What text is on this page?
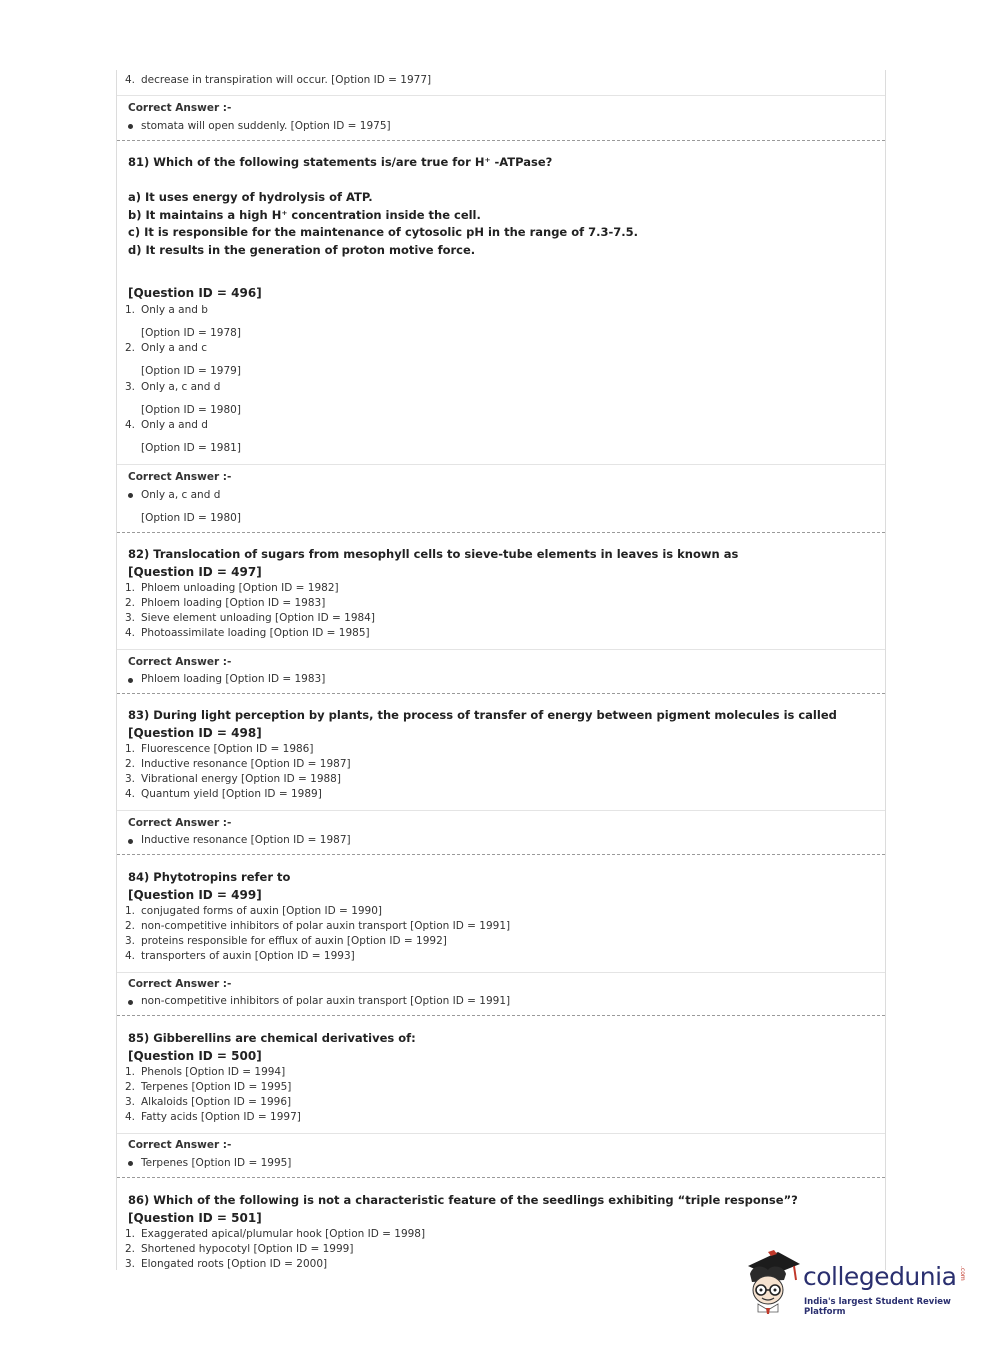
4. decrease in transpiration will occur. [Option ID = 1977]
Correct Answer :-
stomata will open suddenly. [Option ID = 1975]
81) Which of the following statements is/are true for H⁺ -ATPase?
a) It uses energy of hydrolysis of ATP.
b) It maintains a high H⁺ concentration inside the cell.
c) It is responsible for the maintenance of cytosolic pH in the range of 7.3-7.5.
d) It results in the generation of proton motive force.
[Question ID = 496]
1. Only a and b
[Option ID = 1978]
2. Only a and c
[Option ID = 1979]
3. Only a, c and d
[Option ID = 1980]
4. Only a and d
[Option ID = 1981]
Correct Answer :-
Only a, c and d
[Option ID = 1980]
82) Translocation of sugars from mesophyll cells to sieve-tube elements in leaves is known as
[Question ID = 497]
1. Phloem unloading [Option ID = 1982]
2. Phloem loading [Option ID = 1983]
3. Sieve element unloading [Option ID = 1984]
4. Photoassimilate loading [Option ID = 1985]
Correct Answer :-
Phloem loading [Option ID = 1983]
83) During light perception by plants, the process of transfer of energy between pigment molecules is called
[Question ID = 498]
1. Fluorescence [Option ID = 1986]
2. Inductive resonance [Option ID = 1987]
3. Vibrational energy [Option ID = 1988]
4. Quantum yield [Option ID = 1989]
Correct Answer :-
Inductive resonance [Option ID = 1987]
84) Phytotropins refer to
[Question ID = 499]
1. conjugated forms of auxin [Option ID = 1990]
2. non-competitive inhibitors of polar auxin transport [Option ID = 1991]
3. proteins responsible for efflux of auxin [Option ID = 1992]
4. transporters of auxin [Option ID = 1993]
Correct Answer :-
non-competitive inhibitors of polar auxin transport [Option ID = 1991]
85) Gibberellins are chemical derivatives of:
[Question ID = 500]
1. Phenols [Option ID = 1994]
2. Terpenes [Option ID = 1995]
3. Alkaloids [Option ID = 1996]
4. Fatty acids [Option ID = 1997]
Correct Answer :-
Terpenes [Option ID = 1995]
86) Which of the following is not a characteristic feature of the seedlings exhibiting “triple response”?
[Question ID = 501]
1. Exaggerated apical/plumular hook [Option ID = 1998]
2. Shortened hypocotyl [Option ID = 1999]
3. Elongated roots [Option ID = 2000]	collegedunia .com
India's largest Student Review Platform
